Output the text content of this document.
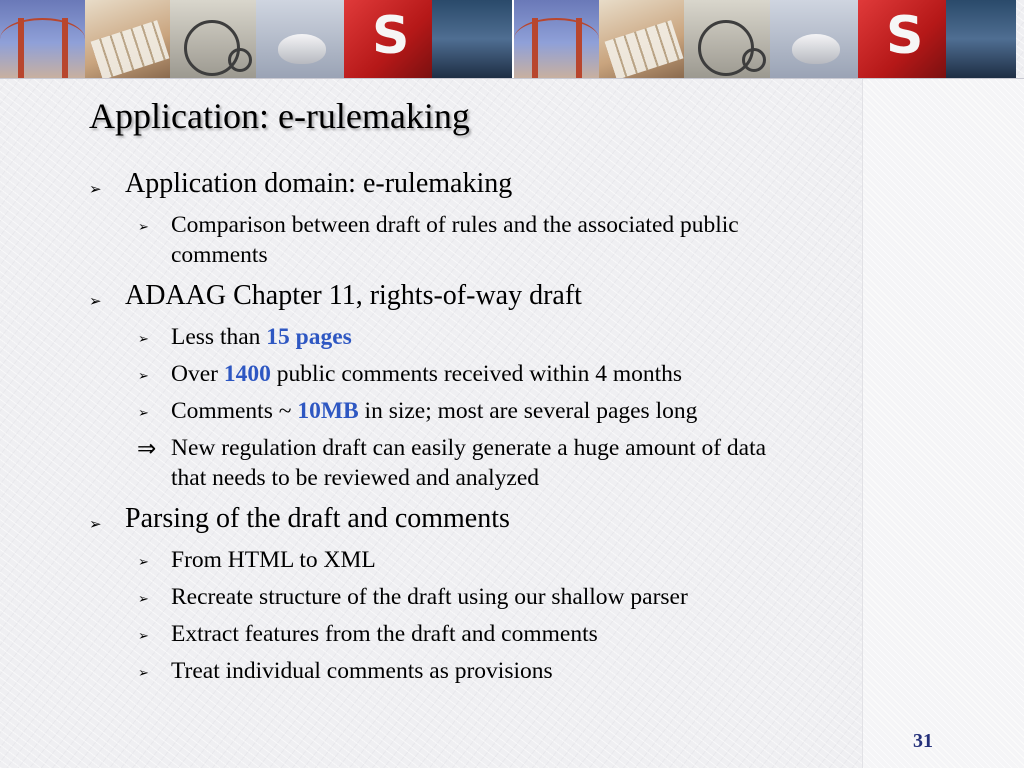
S	S
Application: e-rulemaking
➢ Application domain: e-rulemaking
➢ Comparison between draft of rules and the associated public
comments
➢ ADAAG Chapter 11, rights-of-way draft
➢ Less than 15 pages
➢ Over 1400 public comments received within 4 months
➢ Comments ~ 10MB in size; most are several pages long
⇒ New regulation draft can easily generate a huge amount of data
that needs to be reviewed and analyzed
➢ Parsing of the draft and comments
➢ From HTML to XML
➢ Recreate structure of the draft using our shallow parser
➢ Extract features from the draft and comments
➢ Treat individual comments as provisions
31
